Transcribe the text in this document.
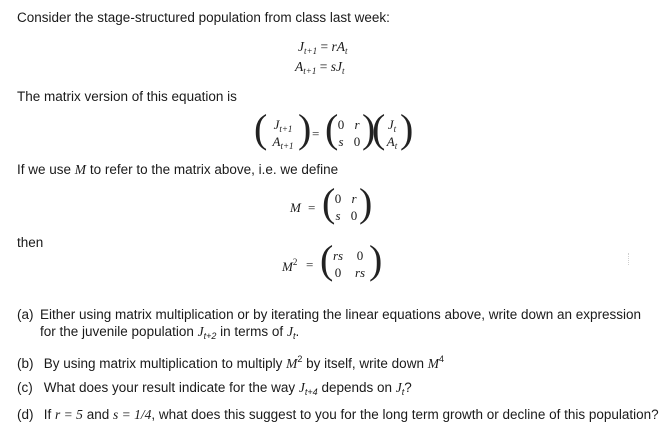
Consider the stage-structured population from class last week:
$J_{t+1} = rA_t$
$A_{t+1} = sJ_t$
The matrix version of this equation is
( $J_{t+1}$
$A_{t+1}$ ) = ( 0 r
s 0 )
( $J_t$
$A_t$ )
If we use M to refer to the matrix above, i.e. we define
M = ( 0 r
s 0 )
then
$M^2$ = ( rs	0
0	rs )
(a) Either using matrix multiplication or by iterating the linear equations above, write down an expression
for the juvenile population $J_{t+2}$ in terms of $J_t$.
(b) By using matrix multiplication to multiply $M^2$ by itself, write down $M^4$
(c) What does your result indicate for the way $J_{t+4}$ depends on $J_t$?
(d) If r = 5 and s = 1/4, what does this suggest to you for the long term growth or decline of this population?
